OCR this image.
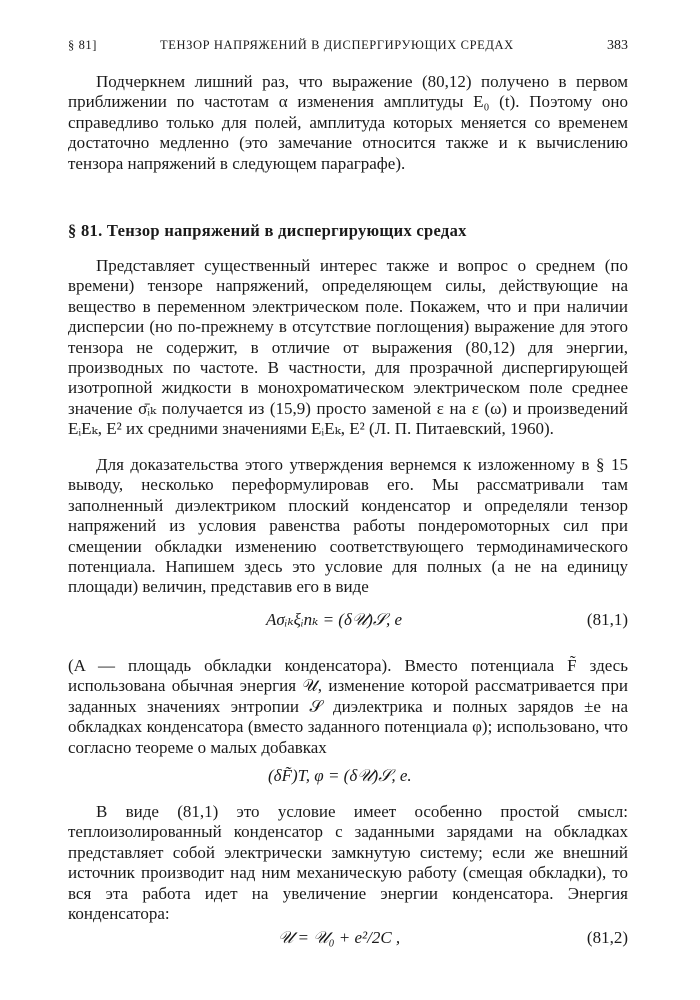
§ 81]	ТЕНЗОР НАПРЯЖЕНИЙ В ДИСПЕРГИРУЮЩИХ СРЕДАХ	383
Подчеркнем лишний раз, что выражение (80,12) получено в первом приближении по частотам α изменения амплитуды E₀ (t). Поэтому оно справедливо только для полей, амплитуда которых меняется со временем достаточно медленно (это замечание относится также и к вычислению тензора напряжений в следующем параграфе).
§ 81. Тензор напряжений в диспергирующих средах
Представляет существенный интерес также и вопрос о среднем (по времени) тензоре напряжений, определяющем силы, действующие на вещество в переменном электрическом поле. Покажем, что и при наличии дисперсии (но по-прежнему в отсутствие поглощения) выражение для этого тензора не содержит, в отличие от выражения (80,12) для энергии, производных по частоте. В частности, для прозрачной диспергирующей изотропной жидкости в монохроматическом электрическом поле среднее значение σ̄ᵢₖ получается из (15,9) просто заменой ε на ε (ω) и произведений EᵢEₖ, E² их средними значениями EᵢEₖ, E² (Л. П. Питаевский, 1960).
Для доказательства этого утверждения вернемся к изложенному в § 15 выводу, несколько переформулировав его. Мы рассматривали там заполненный диэлектриком плоский конденсатор и определяли тензор напряжений из условия равенства работы пондеромоторных сил при смещении обкладки изменению соответствующего термодинамического потенциала. Напишем здесь это условие для полных (а не на единицу площади) величин, представив его в виде
Aσᵢₖξᵢnₖ = (δ𝒰)𝒮, e	(81,1)
(A — площадь обкладки конденсатора). Вместо потенциала F̃ здесь использована обычная энергия 𝒰, изменение которой рассматривается при заданных значениях энтропии 𝒮 диэлектрика и полных зарядов ±e на обкладках конденсатора (вместо заданного потенциала φ); использовано, что согласно теореме о малых добавках
(δF̃)T, φ = (δ𝒰)𝒮, e.
В виде (81,1) это условие имеет особенно простой смысл: теплоизолированный конденсатор с заданными зарядами на обкладках представляет собой электрически замкнутую систему; если же внешний источник производит над ним механическую работу (смещая обкладки), то вся эта работа идет на увеличение энергии конденсатора. Энергия конденсатора:
𝒰 = 𝒰₀ + e²/2C ,	(81,2)
